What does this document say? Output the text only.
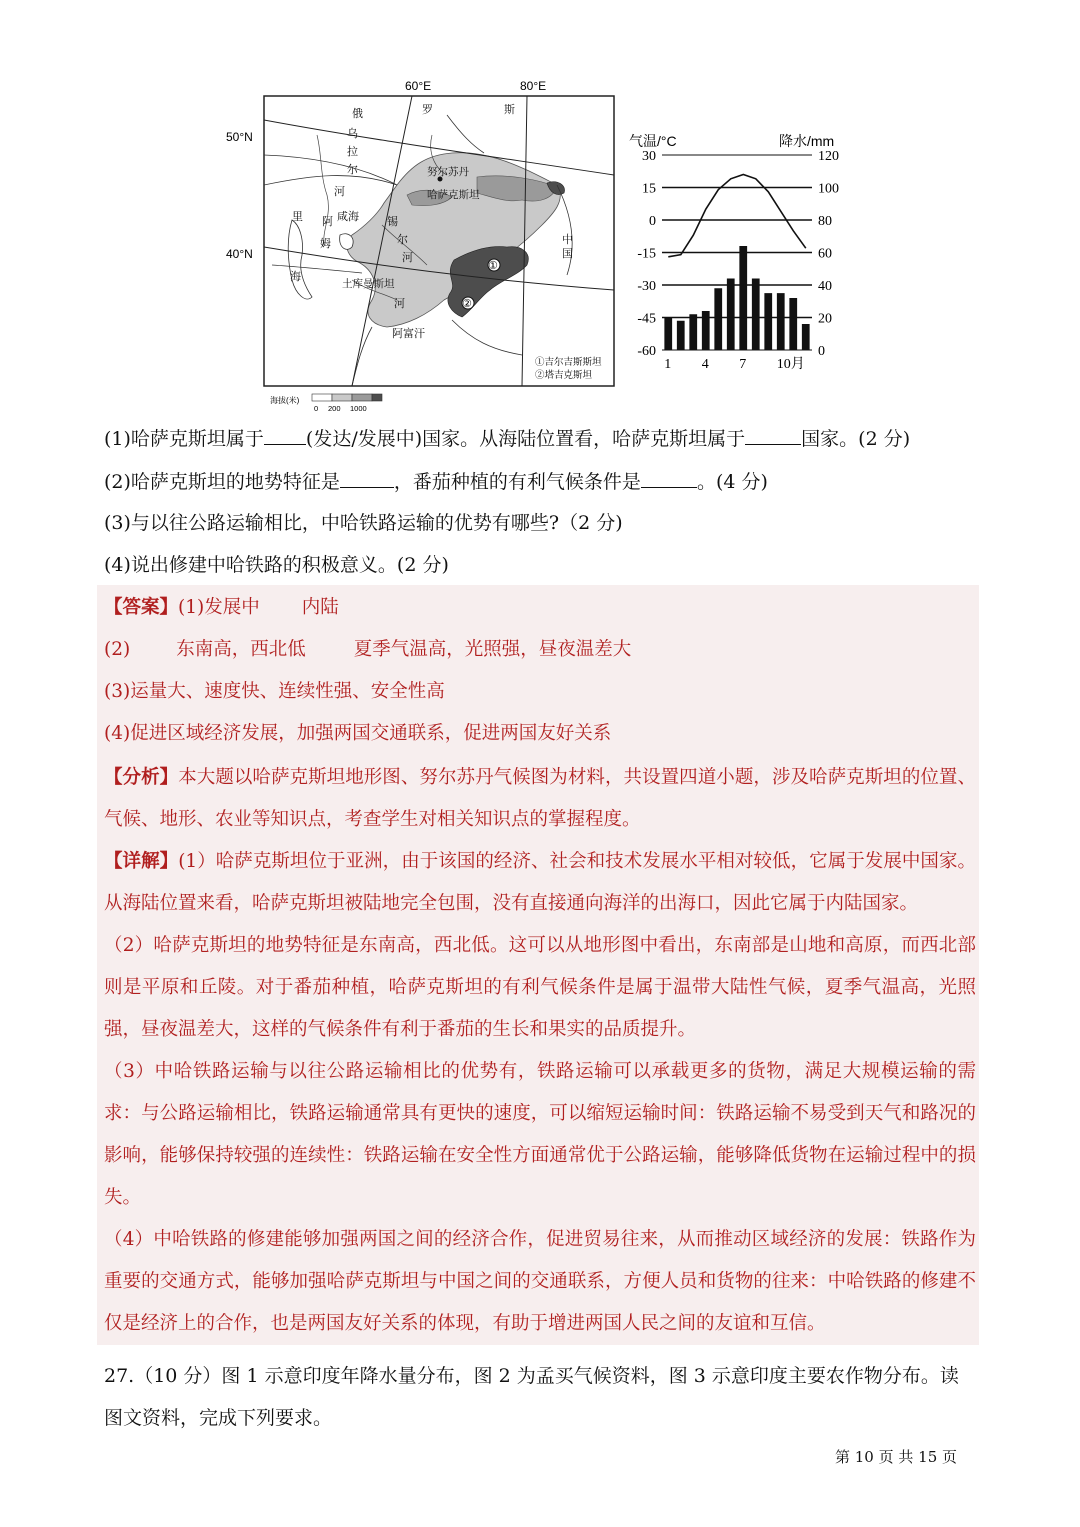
60°E	80°E
50°N
40°N
俄	罗	斯
乌
拉
尔
河	哈萨克斯坦
努尔苏丹
里	咸海	锡
尔
河
中
国
阿
姆
河
土库曼斯坦
阿富汗
海
①
②
①吉尔吉斯斯坦
②塔吉克斯坦
海拔(米)
0 200 1000
气温/°C	降水/mm
30
15
0
-15
-30
-45
-60
120
100
80
60
40
20
0
1 4 7 10月
(1)哈萨克斯坦属于 (发达/发展中)国家。从海陆位置看，哈萨克斯坦属于	国家。(2 分)
(2)哈萨克斯坦的地势特征是	，番茄种植的有利气候条件是	。(4 分)
(3)与以往公路运输相比，中哈铁路运输的优势有哪些?（2 分)
(4)说出修建中哈铁路的积极意义。(2 分)
【答案】(1)发展中 内陆
(2) 东南高，西北低	夏季气温高，光照强，昼夜温差大
(3)运量大、速度快、连续性强、安全性高
(4)促进区域经济发展，加强两国交通联系，促进两国友好关系
【分析】本大题以哈萨克斯坦地形图、努尔苏丹气候图为材料，共设置四道小题，涉及哈萨克斯坦的位置、气候、地形、农业等知识点，考查学生对相关知识点的掌握程度。
【详解】(1）哈萨克斯坦位于亚洲，由于该国的经济、社会和技术发展水平相对较低，它属于发展中国家。从海陆位置来看，哈萨克斯坦被陆地完全包围，没有直接通向海洋的出海口，因此它属于内陆国家。
（2）哈萨克斯坦的地势特征是东南高，西北低。这可以从地形图中看出，东南部是山地和高原，而西北部则是平原和丘陵。对于番茄种植，哈萨克斯坦的有利气候条件是属于温带大陆性气候，夏季气温高，光照强，昼夜温差大，这样的气候条件有利于番茄的生长和果实的品质提升。
（3）中哈铁路运输与以往公路运输相比的优势有，铁路运输可以承载更多的货物，满足大规模运输的需求：与公路运输相比，铁路运输通常具有更快的速度，可以缩短运输时间：铁路运输不易受到天气和路况的影响，能够保持较强的连续性：铁路运输在安全性方面通常优于公路运输，能够降低货物在运输过程中的损失。
（4）中哈铁路的修建能够加强两国之间的经济合作，促进贸易往来，从而推动区域经济的发展：铁路作为重要的交通方式，能够加强哈萨克斯坦与中国之间的交通联系，方便人员和货物的往来：中哈铁路的修建不仅是经济上的合作，也是两国友好关系的体现，有助于增进两国人民之间的友谊和互信。
27.（10 分）图 1 示意印度年降水量分布，图 2 为孟买气候资料，图 3 示意印度主要农作物分布。读图文资料，完成下列要求。
第 10 页 共 15 页
